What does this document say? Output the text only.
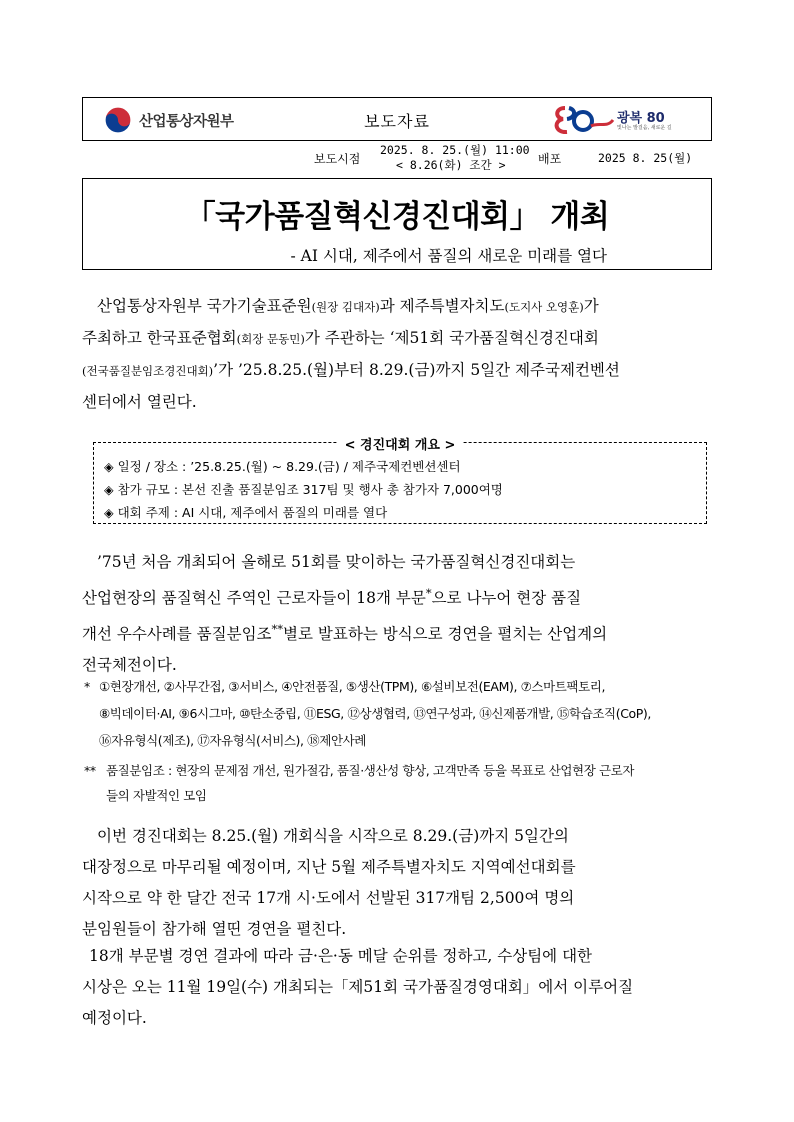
산업통상자원부	보도자료	광복 80
빛나는 발걸음, 새로운 길
보도시점
2025. 8. 25.(월) 11:00
< 8.26(화) 조간 >	배포	2025 8. 25(월)
「국가품질혁신경진대회」 개최
- AI 시대, 제주에서 품질의 새로운 미래를 열다
산업통상자원부 국가기술표준원(원장 김대자)과 제주특별자치도(도지사 오영훈)가
주최하고 한국표준협회(회장 문동민)가 주관하는 ‘제51회 국가품질혁신경진대회
(전국품질분임조경진대회)’가 ’25.8.25.(월)부터 8.29.(금)까지 5일간 제주국제컨벤션
센터에서 열린다.
< 경진대회 개요 >
◈ 일정 / 장소 : ’25.8.25.(월) ~ 8.29.(금) / 제주국제컨벤션센터
◈ 참가 규모 : 본선 진출 품질분임조 317팀 및 행사 총 참가자 7,000여명
◈ 대회 주제 : AI 시대, 제주에서 품질의 미래를 열다
’75년 처음 개최되어 올해로 51회를 맞이하는 국가품질혁신경진대회는
산업현장의 품질혁신 주역인 근로자들이 18개 부문*으로 나누어 현장 품질
개선 우수사례를 품질분임조**별로 발표하는 방식으로 경연을 펼치는 산업계의
전국체전이다.
* ①현장개선, ②사무간접, ③서비스, ④안전품질, ⑤생산(TPM), ⑥설비보전(EAM), ⑦스마트팩토리,
⑧빅데이터·AI, ⑨6시그마, ⑩탄소중립, ⑪ESG, ⑫상생협력, ⑬연구성과, ⑭신제품개발, ⑮학습조직(CoP),
⑯자유형식(제조), ⑰자유형식(서비스), ⑱제안사례
** 품질분임조 : 현장의 문제점 개선, 원가절감, 품질·생산성 향상, 고객만족 등을 목표로 산업현장 근로자
들의 자발적인 모임
이번 경진대회는 8.25.(월) 개회식을 시작으로 8.29.(금)까지 5일간의
대장정으로 마무리될 예정이며, 지난 5월 제주특별자치도 지역예선대회를
시작으로 약 한 달간 전국 17개 시·도에서 선발된 317개팀 2,500여 명의
분임원들이 참가해 열띤 경연을 펼친다.
18개 부문별 경연 결과에 따라 금·은·동 메달 순위를 정하고, 수상팀에 대한
시상은 오는 11월 19일(수) 개최되는「제51회 국가품질경영대회」에서 이루어질
예정이다.
